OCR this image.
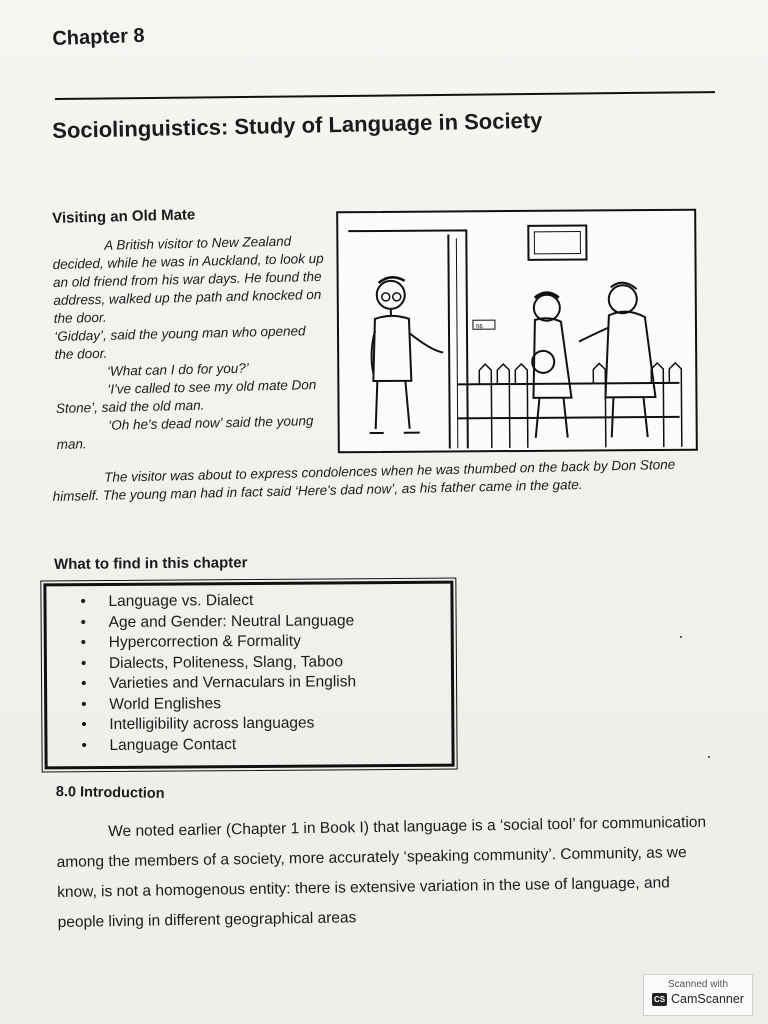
Chapter 8
Sociolinguistics: Study of Language in Society
Visiting an Old Mate

A British visitor to New Zealand decided, while he was in Auckland, to look up an old friend from his war days. He found the address, walked up the path and knocked on the door.

‘Gidday’, said the young man who opened the door.

‘What can I do for you?’

‘I've called to see my old mate Don Stone’, said the old man.

‘Oh he's dead now’ said the young man.

56

The visitor was about to express condolences when he was thumbed on the back by Don Stone himself. The young man had in fact said ‘Here's dad now’, as his father came in the gate.

What to find in this chapter
• Language vs. Dialect
• Age and Gender: Neutral Language
• Hypercorrection & Formality
• Dialects, Politeness, Slang, Taboo
• Varieties and Vernaculars in English
• World Englishes
• Intelligibility across languages
• Language Contact
8.0 Introduction

We noted earlier (Chapter 1 in Book I) that language is a ‘social tool’ for communication among the members of a society, more accurately ‘speaking community’. Community, as we know, is not a homogenous entity: there is extensive variation in the use of language, and people living in different geographical areas

Scanned with
CS CamScanner
